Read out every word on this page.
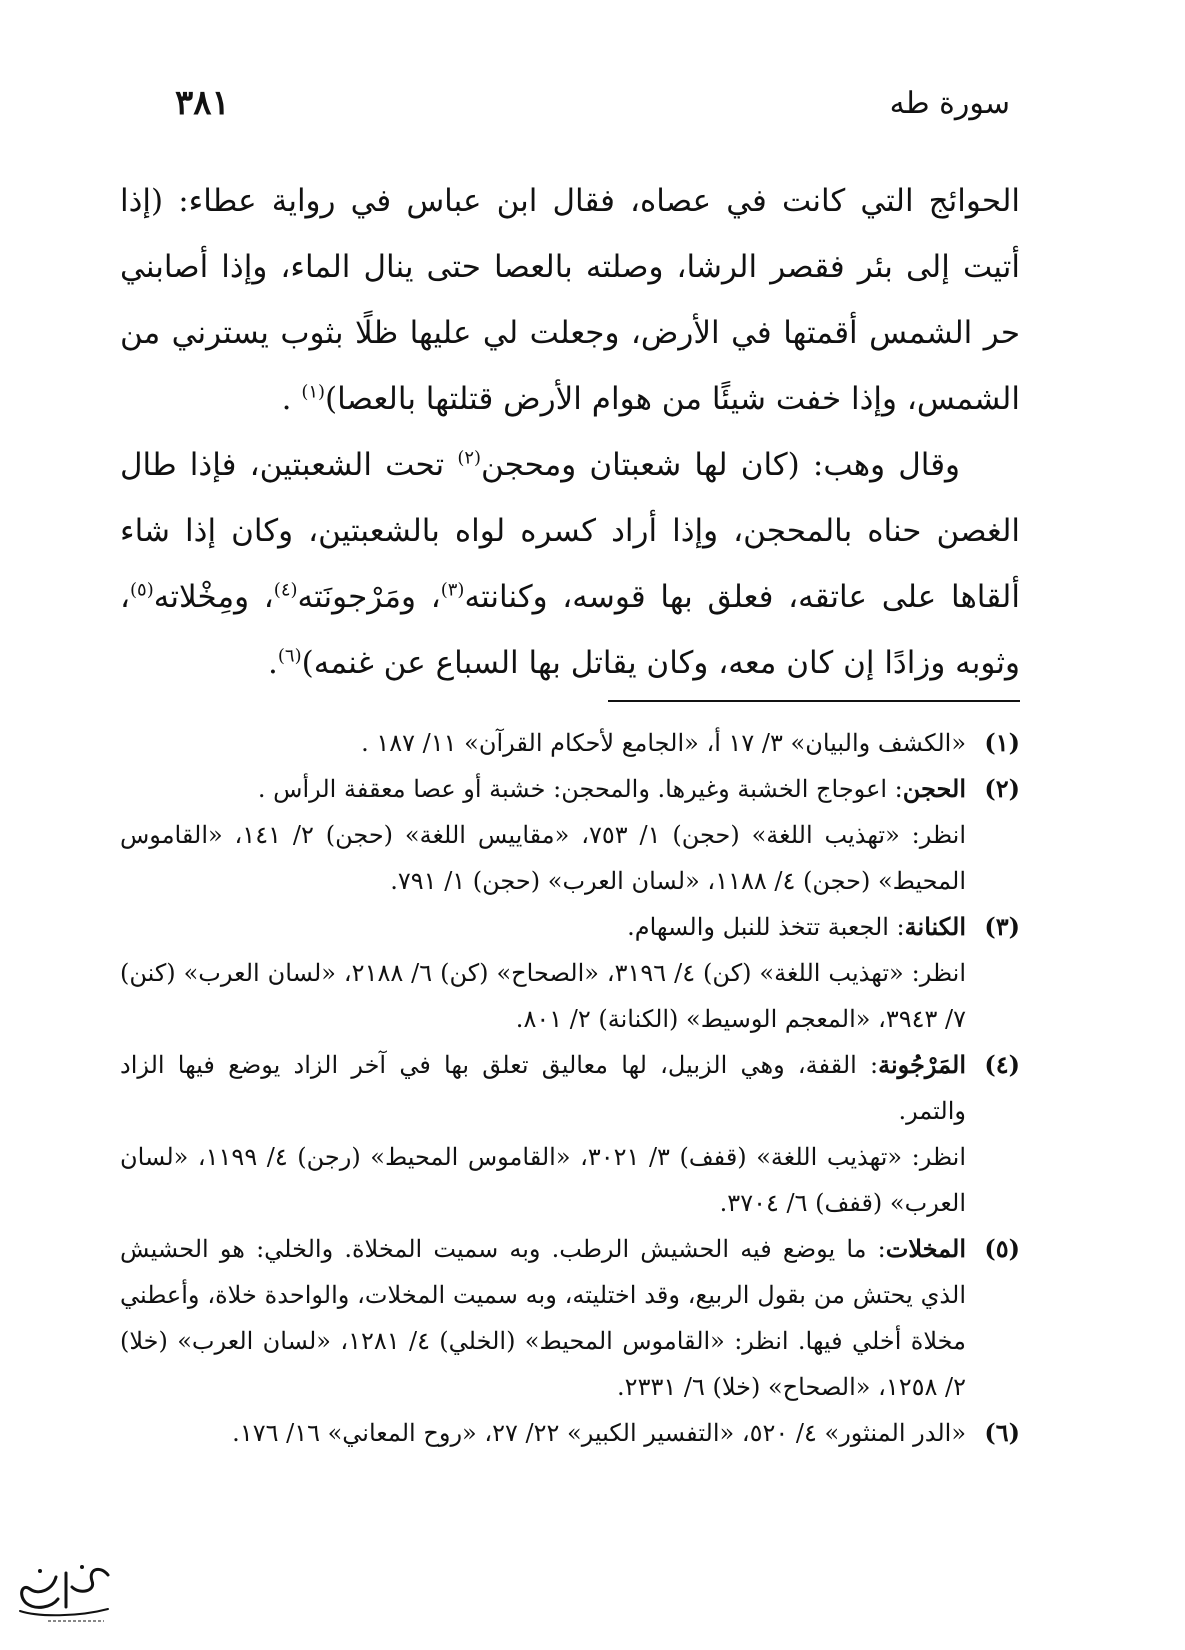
سورة طه
٣٨١

الحوائج التي كانت في عصاه، فقال ابن عباس في رواية عطاء: (إذا أتيت إلى بئر فقصر الرشا، وصلته بالعصا حتى ينال الماء، وإذا أصابني حر الشمس أقمتها في الأرض، وجعلت لي عليها ظلًا بثوب يسترني من الشمس، وإذا خفت شيئًا من هوام الأرض قتلتها بالعصا)$^{(١)}$ .

وقال وهب: (كان لها شعبتان ومحجن$^{(٢)}$ تحت الشعبتين، فإذا طال الغصن حناه بالمحجن، وإذا أراد كسره لواه بالشعبتين، وكان إذا شاء ألقاها على عاتقه، فعلق بها قوسه، وكنانته$^{(٣)}$، ومَرْجونَته$^{(٤)}$، ومِخْلاته$^{(٥)}$، وثوبه وزادًا إن كان معه، وكان يقاتل بها السباع عن غنمه)$^{(٦)}$.

(١)
«الكشف والبيان» ٣/ ١٧ أ، «الجامع لأحكام القرآن» ١١/ ١٨٧ .
(٢)
الحجن: اعوجاج الخشبة وغيرها. والمحجن: خشبة أو عصا معقفة الرأس .
انظر: «تهذيب اللغة» (حجن) ١/ ٧٥٣، «مقاييس اللغة» (حجن) ٢/ ١٤١، «القاموس المحيط» (حجن) ٤/ ١١٨٨، «لسان العرب» (حجن) ١/ ٧٩١.
(٣)
الكنانة: الجعبة تتخذ للنبل والسهام.
انظر: «تهذيب اللغة» (كن) ٤/ ٣١٩٦، «الصحاح» (كن) ٦/ ٢١٨٨، «لسان العرب» (كنن) ٧/ ٣٩٤٣، «المعجم الوسيط» (الكنانة) ٢/ ٨٠١.
(٤)
المَرْجُونة: القفة، وهي الزبيل، لها معاليق تعلق بها في آخر الزاد يوضع فيها الزاد والتمر.
انظر: «تهذيب اللغة» (قفف) ٣/ ٣٠٢١، «القاموس المحيط» (رجن) ٤/ ١١٩٩، «لسان العرب» (قفف) ٦/ ٣٧٠٤.
(٥)
المخلات: ما يوضع فيه الحشيش الرطب. وبه سميت المخلاة. والخلي: هو الحشيش الذي يحتش من بقول الربيع، وقد اختليته، وبه سميت المخلات، والواحدة خلاة، وأعطني مخلاة أخلي فيها. انظر: «القاموس المحيط» (الخلي) ٤/ ١٢٨١، «لسان العرب» (خلا) ٢/ ١٢٥٨، «الصحاح» (خلا) ٦/ ٢٣٣١.
(٦)
«الدر المنثور» ٤/ ٥٢٠، «التفسير الكبير» ٢٢/ ٢٧، «روح المعاني» ١٦/ ١٧٦.
